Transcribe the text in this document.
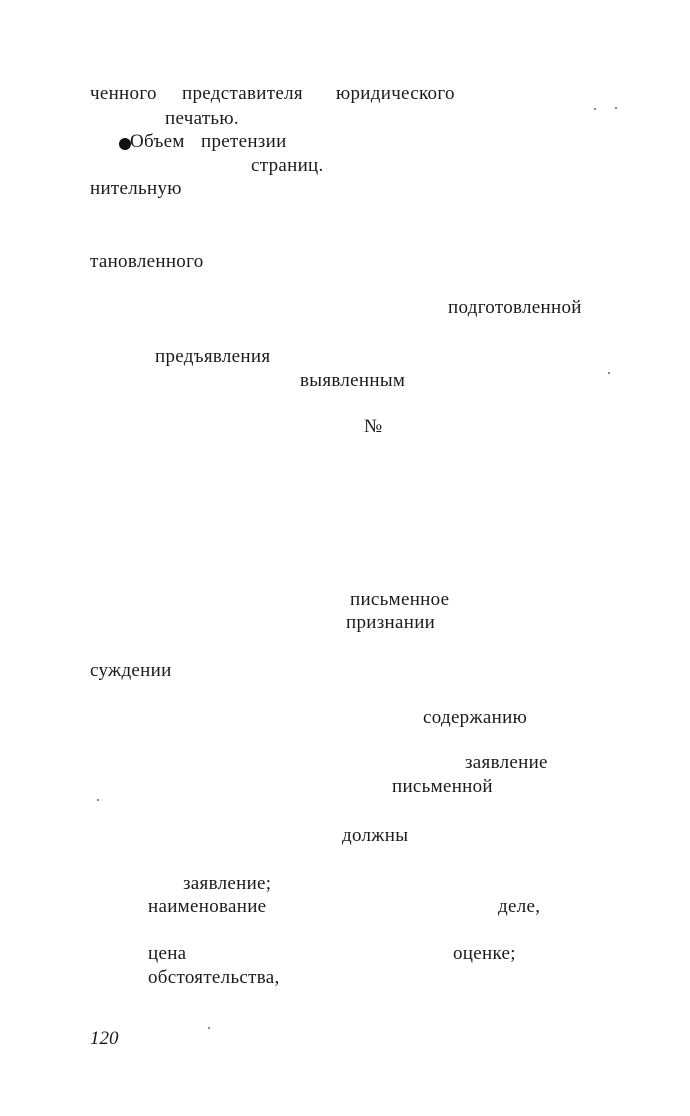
ченного представителя юридического
печатью.
Объем претензии
страниц.
нительную
тановленного
подготовленной
предъявления
выявленным
№
письменное
признании
суждении
содержанию
заявление
письменной
должны
заявление;
наименование	деле,
цена	оценке;
обстоятельства,
120
